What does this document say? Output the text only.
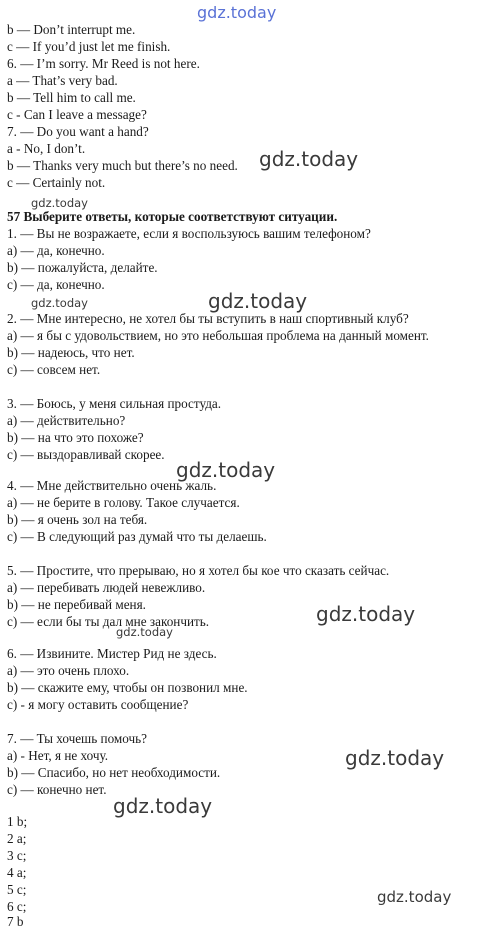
gdz.today
gdz.today
gdz.today
gdz.today
gdz.today
gdz.today
gdz.today
gdz.today
gdz.today
gdz.today
gdz.today
b — Don’t interrupt me.
c — If you’d just let me finish.
6. — I’m sorry. Mr Reed is not here.
a — That’s very bad.
b — Tell him to call me.
c - Can I leave a message?
7. — Do you want a hand?
a - No, I don’t.
b — Thanks very much but there’s no need.
c — Certainly not.
57 Выберите ответы, которые соответствуют ситуации.
1. — Вы не возражаете, если я воспользуюсь вашим телефоном?
a) — да, конечно.
b) — пожалуйста, делайте.
c) — да, конечно.
2. — Мне интересно, не хотел бы ты вступить в наш спортивный клуб?
a) — я бы с удовольствием, но это небольшая проблема на данный момент.
b) — надеюсь, что нет.
c) — совсем нет.
3. — Боюсь, у меня сильная простуда.
a) — действительно?
b) — на что это похоже?
c) — выздоравливай скорее.
4. — Мне действительно очень жаль.
a) — не берите в голову. Такое случается.
b) — я очень зол на тебя.
c) — В следующий раз думай что ты делаешь.
5. — Простите, что прерываю, но я хотел бы кое что сказать сейчас.
a) — перебивать людей невежливо.
b) — не перебивай меня.
c) — если бы ты дал мне закончить.
6. — Извините. Мистер Рид не здесь.
a) — это очень плохо.
b) — скажите ему, чтобы он позвонил мне.
c) - я могу оставить сообщение?
7. — Ты хочешь помочь?
a) - Нет, я не хочу.
b) — Спасибо, но нет необходимости.
c) — конечно нет.
1 b;
2 a;
3 c;
4 a;
5 c;
6 c;
7 b
